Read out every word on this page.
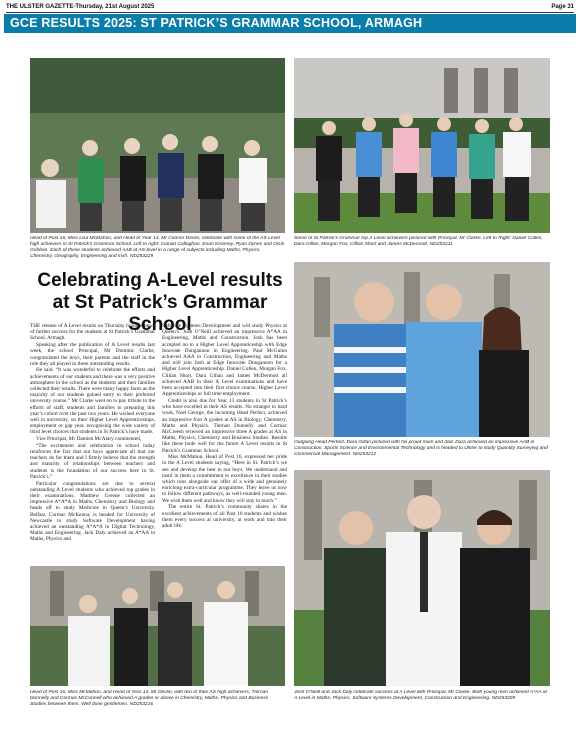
THE ULSTER GAZETTE-Thursday, 21st August 2025	Page 31
GCE RESULTS 2025: ST PATRICK’S GRAMMAR SCHOOL, ARMAGH
Head of Post 16, Miss Lisa McMahon, and Head of Year 13, Mr Connor Devlin, celebrate with some of the AS Level high achievers in St Patrick’s Grammar School. Left to right: Cianan Callaghan, Eoan Kearney, Ryan Dynes and Oisín Gribben. Each of these students achieved AAB at AS-level in a range of subjects including Maths, Physics, Chemistry, Geography, Engineering and Irish. ND253229
Some of St Patrick’s Grammar top A Level achievers pictured with Principal, Mr Clarke. Left to Right: Daniel Cullen, Dara Gillan, Morgan Fox, Cillian Short and James McDermott. ND253211
Celebrating A-Level results at St Patrick’s Grammar School

THE release of A Level results on Thursday brought news of further success for the students at St Patrick’s Grammar School, Armagh.

Speaking after the publication of A Level results last week, the school Principal, Mr Dominic Clarke, congratulated the boys, their parents and the staff in the role they all played in these outstanding results.

He said, “It was wonderful to celebrate the efforts and achievements of our students and there was a very positive atmosphere in the school as the students and their families collected their results. There were many happy faces as the majority of our students gained entry to their preferred university course.” Mr Clarke went on to pay tribute to the efforts of staff, students and families in preparing this year’s cohort over the past two years. He wished everyone well in university, on their Higher Level Apprenticeships, employment or gap year, recognising the wide variety of third level choices that students in St Patrick’s have made.

Vice Principal, Mr Damien McAlary commented,

“The excitement and celebration in school today reinforces the fact that our boys appreciate all that our teachers do for them and I firmly believe that the strength and maturity of relationships between teachers and students is the foundation of our success here in St. Patrick’s.”

Particular congratulations are due to several outstanding A Level students who achieved top grades in their examinations. Matthew Greene collected an impressive A*A*A in Maths, Chemistry and Biology and heads off to study Medicine in Queen’s University, Belfast. Cormac McKenna, is headed for University of Newcastle to study Software Development having achieved an outstanding A*A*A in Digital Technology, Maths and Engineering. Jack Daly achieved an A*AA in Maths, Physics and

Software Systems Development and will study Physics at Queen’s. Josh O’Neill achieved an impressive A*AA in Engineering, Maths and Construction. Josh has been accepted on to a Higher Level Apprenticeship with Edge Innovate Dungannon in Engineering. Paul McGuinn achieved AAA in Construction, Engineering and Maths and will join Josh at Edge Innovate Dungannon for a Higher Level Apprenticeship. Daniel Cullen, Morgan Fox, Cillian Short, Dara Gillan and James McDermott all achieved AAB in their A Level examinations and have been accepted into their first choice course, Higher Level Apprenticeships or full time employment.

Credit is also due for Year 13 students in St Patrick’s who have excelled in their AS results. No stranger to hard work, Noel George, the incoming Head Perfect, achieved an impressive four A grades at AS in Biology, Chemistry, Maths and Physics. Tiernan Donnelly and Cormac McCreesh received an impressive three A grades at AS in Maths, Physics, Chemistry and Business Studies. Results like these bode well for the future A Level results in St Patrick’s Grammar School.

Miss McMahon, Head of Post 16, expressed her pride in the A Level students saying, “Here in St. Patrick’s we see and develop the best in our boys. We understand and instil in them a commitment to excellence in their studies which runs alongside our offer of a wide and genuinely enriching extra-curricular programme. They leave us now to follow different pathways, as well-rounded young men. We wish them well and know they will stay in touch.”

The entire St. Patrick’s community shares in the excellent achievements of all Post 16 students and wishes them every success at university, at work and into their adult life.

Outgoing Head Perfect, Dara Gillan pictured with his proud mum and dad. Dara achieved an impressive AAB in Construction, Sports Science and Environmental Technology and is headed to Ulster to study Quantity Surveying and Commercial Management. ND253212
Head of Post 16, Miss McMahon, and Head of Year 13, Mr Devlin, with two of their AS high achievers, Tiernan Donnelly and Cormac McConnell who achieved A grades or above in Chemistry, Maths, Physics and Business Studies between them. Well done gentlemen. ND253216
Josh O’Neill and Jack Daly celebrate success at A Level with Principal, Mr Clarke. Both young men achieved A*AA at A Level in Maths, Physics, Software Systems Development, Construction and Engineering. ND253209
